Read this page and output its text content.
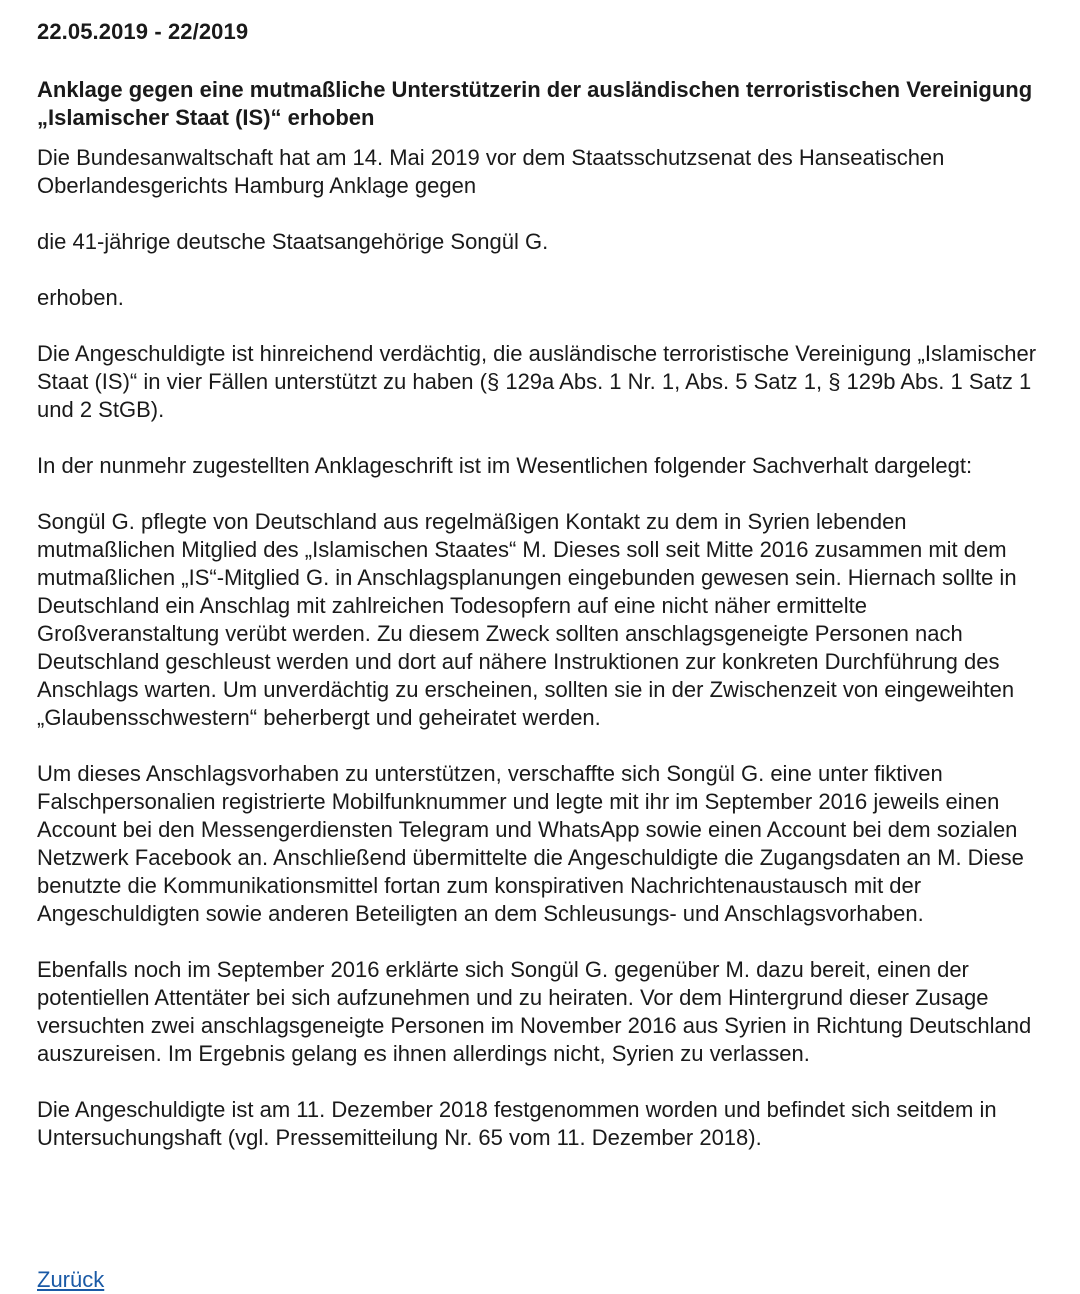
22.05.2019 - 22/2019

Anklage gegen eine mutmaßliche Unterstützerin der ausländischen terroristischen Vereinigung „Islamischer Staat (IS)“ erhoben

Die Bundesanwaltschaft hat am 14. Mai 2019 vor dem Staatsschutzsenat des Hanseatischen Oberlandesgerichts Hamburg Anklage gegen

die 41-jährige deutsche Staatsangehörige Songül G.

erhoben.

Die Angeschuldigte ist hinreichend verdächtig, die ausländische terroristische Vereinigung „Islamischer Staat (IS)“ in vier Fällen unterstützt zu haben (§ 129a Abs. 1 Nr. 1, Abs. 5 Satz 1, § 129b Abs. 1 Satz 1 und 2 StGB).

In der nunmehr zugestellten Anklageschrift ist im Wesentlichen folgender Sachverhalt dargelegt:

Songül G. pflegte von Deutschland aus regelmäßigen Kontakt zu dem in Syrien lebenden mutmaßlichen Mitglied des „Islamischen Staates“ M. Dieses soll seit Mitte 2016 zusammen mit dem mutmaßlichen „IS“-Mitglied G. in Anschlagsplanungen eingebunden gewesen sein. Hiernach sollte in Deutschland ein Anschlag mit zahlreichen Todesopfern auf eine nicht näher ermittelte Großveranstaltung verübt werden. Zu diesem Zweck sollten anschlagsgeneigte Personen nach Deutschland geschleust werden und dort auf nähere Instruktionen zur konkreten Durchführung des Anschlags warten. Um unverdächtig zu erscheinen, sollten sie in der Zwischenzeit von eingeweihten „Glaubensschwestern“ beherbergt und geheiratet werden.

Um dieses Anschlagsvorhaben zu unterstützen, verschaffte sich Songül G. eine unter fiktiven Falschpersonalien registrierte Mobilfunknummer und legte mit ihr im September 2016 jeweils einen Account bei den Messengerdiensten Telegram und WhatsApp sowie einen Account bei dem sozialen Netzwerk Facebook an. Anschließend übermittelte die Angeschuldigte die Zugangsdaten an M. Diese benutzte die Kommunikationsmittel fortan zum konspirativen Nachrichtenaustausch mit der Angeschuldigten sowie anderen Beteiligten an dem Schleusungs- und Anschlagsvorhaben.

Ebenfalls noch im September 2016 erklärte sich Songül G. gegenüber M. dazu bereit, einen der potentiellen Attentäter bei sich aufzunehmen und zu heiraten. Vor dem Hintergrund dieser Zusage versuchten zwei anschlagsgeneigte Personen im November 2016 aus Syrien in Richtung Deutschland auszureisen. Im Ergebnis gelang es ihnen allerdings nicht, Syrien zu verlassen.

Die Angeschuldigte ist am 11. Dezember 2018 festgenommen worden und befindet sich seitdem in Untersuchungshaft (vgl. Pressemitteilung Nr. 65 vom 11. Dezember 2018).

Zurück
